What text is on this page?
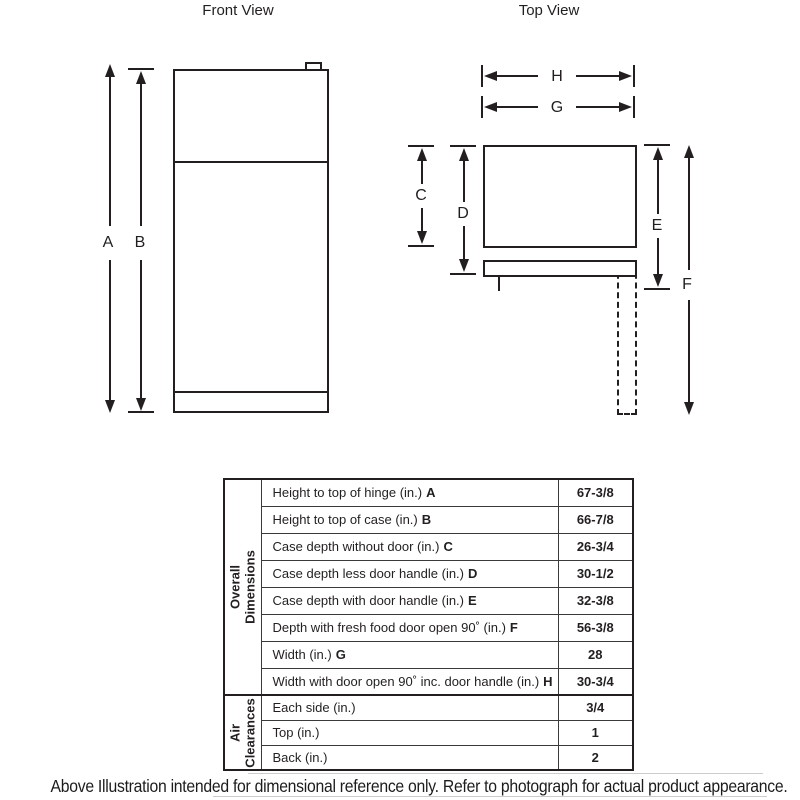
Front View
A B
Top View
H
G
C
D
E
F
Overall Dimensions	Height to top of hinge (in.) A	67-3/8
	Height to top of case (in.) B	66-7/8
	Case depth without door (in.) C	26-3/4
	Case depth less door handle (in.) D	30-1/2
	Case depth with door handle (in.) E	32-3/8
	Depth with fresh food door open 90˚ (in.) F	56-3/8
	Width (in.) G	28
	Width with door open 90˚ inc. door handle (in.) H	30-3/4

Air Clearances	Each side (in.)	3/4
	Top (in.)	1
	Back (in.)	2
Above Illustration intended for dimensional reference only. Refer to photograph for actual product appearance.
